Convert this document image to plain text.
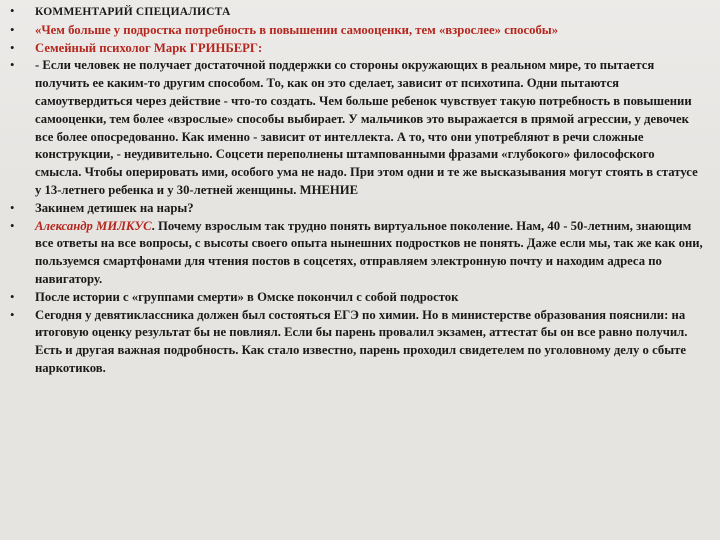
•	КОММЕНТАРИЙ СПЕЦИАЛИСТА
•	«Чем больше у подростка потребность в повышении самооценки, тем «взрослее» способы»
•	Семейный психолог Марк ГРИНБЕРГ:
•	- Если человек не получает достаточной поддержки со стороны окружающих в реальном мире, то пытается получить ее каким-то другим способом. То, как он это сделает, зависит от психотипа. Одни пытаются самоутвердиться через действие - что-то создать. Чем больше ребенок чувствует такую потребность в повышении самооценки, тем более «взрослые» способы выбирает. У мальчиков это выражается в прямой агрессии, у девочек все более опосредованно. Как именно - зависит от интеллекта. А то, что они употребляют в речи сложные конструкции, - неудивительно. Соцсети переполнены штампованными фразами «глубокого» философского смысла. Чтобы оперировать ими, особого ума не надо. При этом одни и те же высказывания могут стоять в статусе у 13-летнего ребенка и у 30-летней женщины. МНЕНИЕ
•	Закинем детишек на нары?
•	Александр МИЛКУС. Почему взрослым так трудно понять виртуальное поколение. Нам, 40 - 50-летним, знающим все ответы на все вопросы, с высоты своего опыта нынешних подростков не понять. Даже если мы, так же как они, пользуемся смартфонами для чтения постов в соцсетях, отправляем электронную почту и находим адреса по навигатору.
•	После истории с «группами смерти» в Омске покончил с собой подросток
•	Сегодня у девятиклассника должен был состояться ЕГЭ по химии. Но в министерстве образования пояснили: на итоговую оценку результат бы не повлиял. Если бы парень провалил экзамен, аттестат бы он все равно получил. Есть и другая важная подробность. Как стало известно, парень проходил свидетелем по уголовному делу о сбыте наркотиков.
